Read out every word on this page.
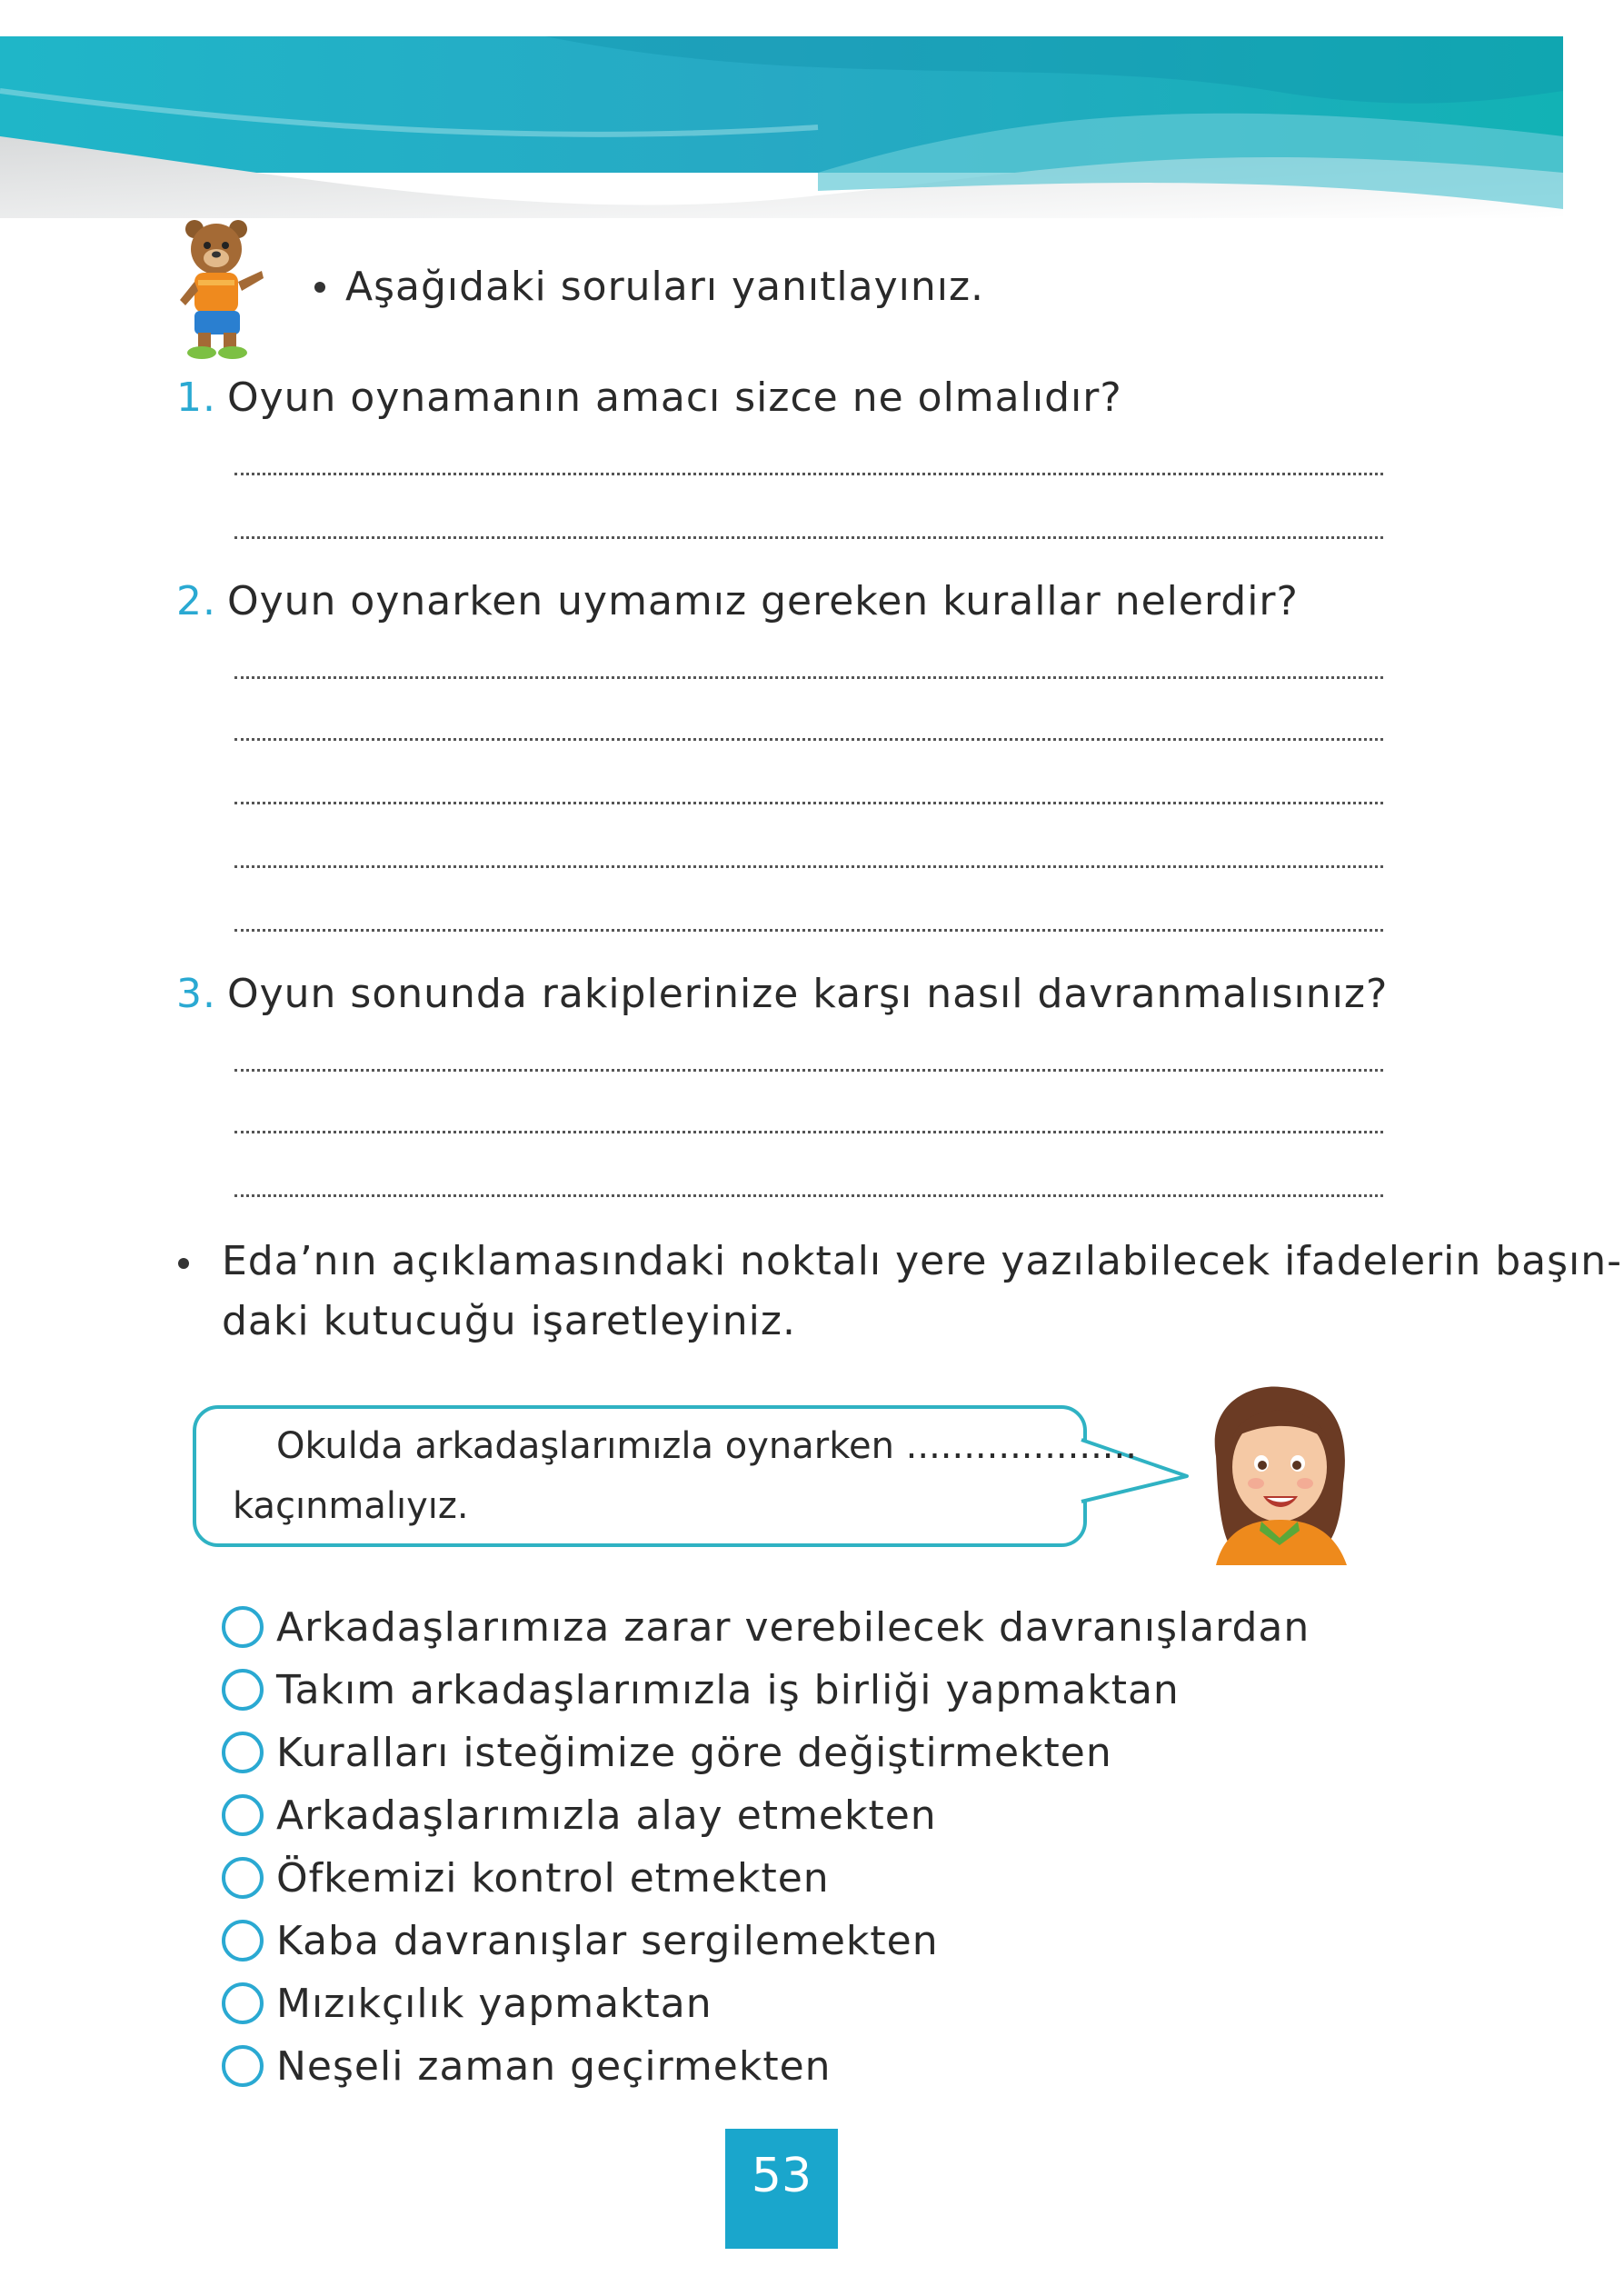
Aşağıdaki soruları yanıtlayınız.
1. Oyun oynamanın amacı sizce ne olmalıdır?
2. Oyun oynarken uymamız gereken kurallar nelerdir?
3. Oyun sonunda rakiplerinize karşı nasıl davranmalısınız?
Eda’nın açıklamasındaki noktalı yere yazılabilecek ifadelerin başın-
daki kutucuğu işaretleyiniz.
Okulda arkadaşlarımızla oynarken ....................
kaçınmalıyız.
Arkadaşlarımıza zarar verebilecek davranışlardan
Takım arkadaşlarımızla iş birliği yapmaktan
Kuralları isteğimize göre değiştirmekten
Arkadaşlarımızla alay etmekten
Öfkemizi kontrol etmekten
Kaba davranışlar sergilemekten
Mızıkçılık yapmaktan
Neşeli zaman geçirmekten
53
